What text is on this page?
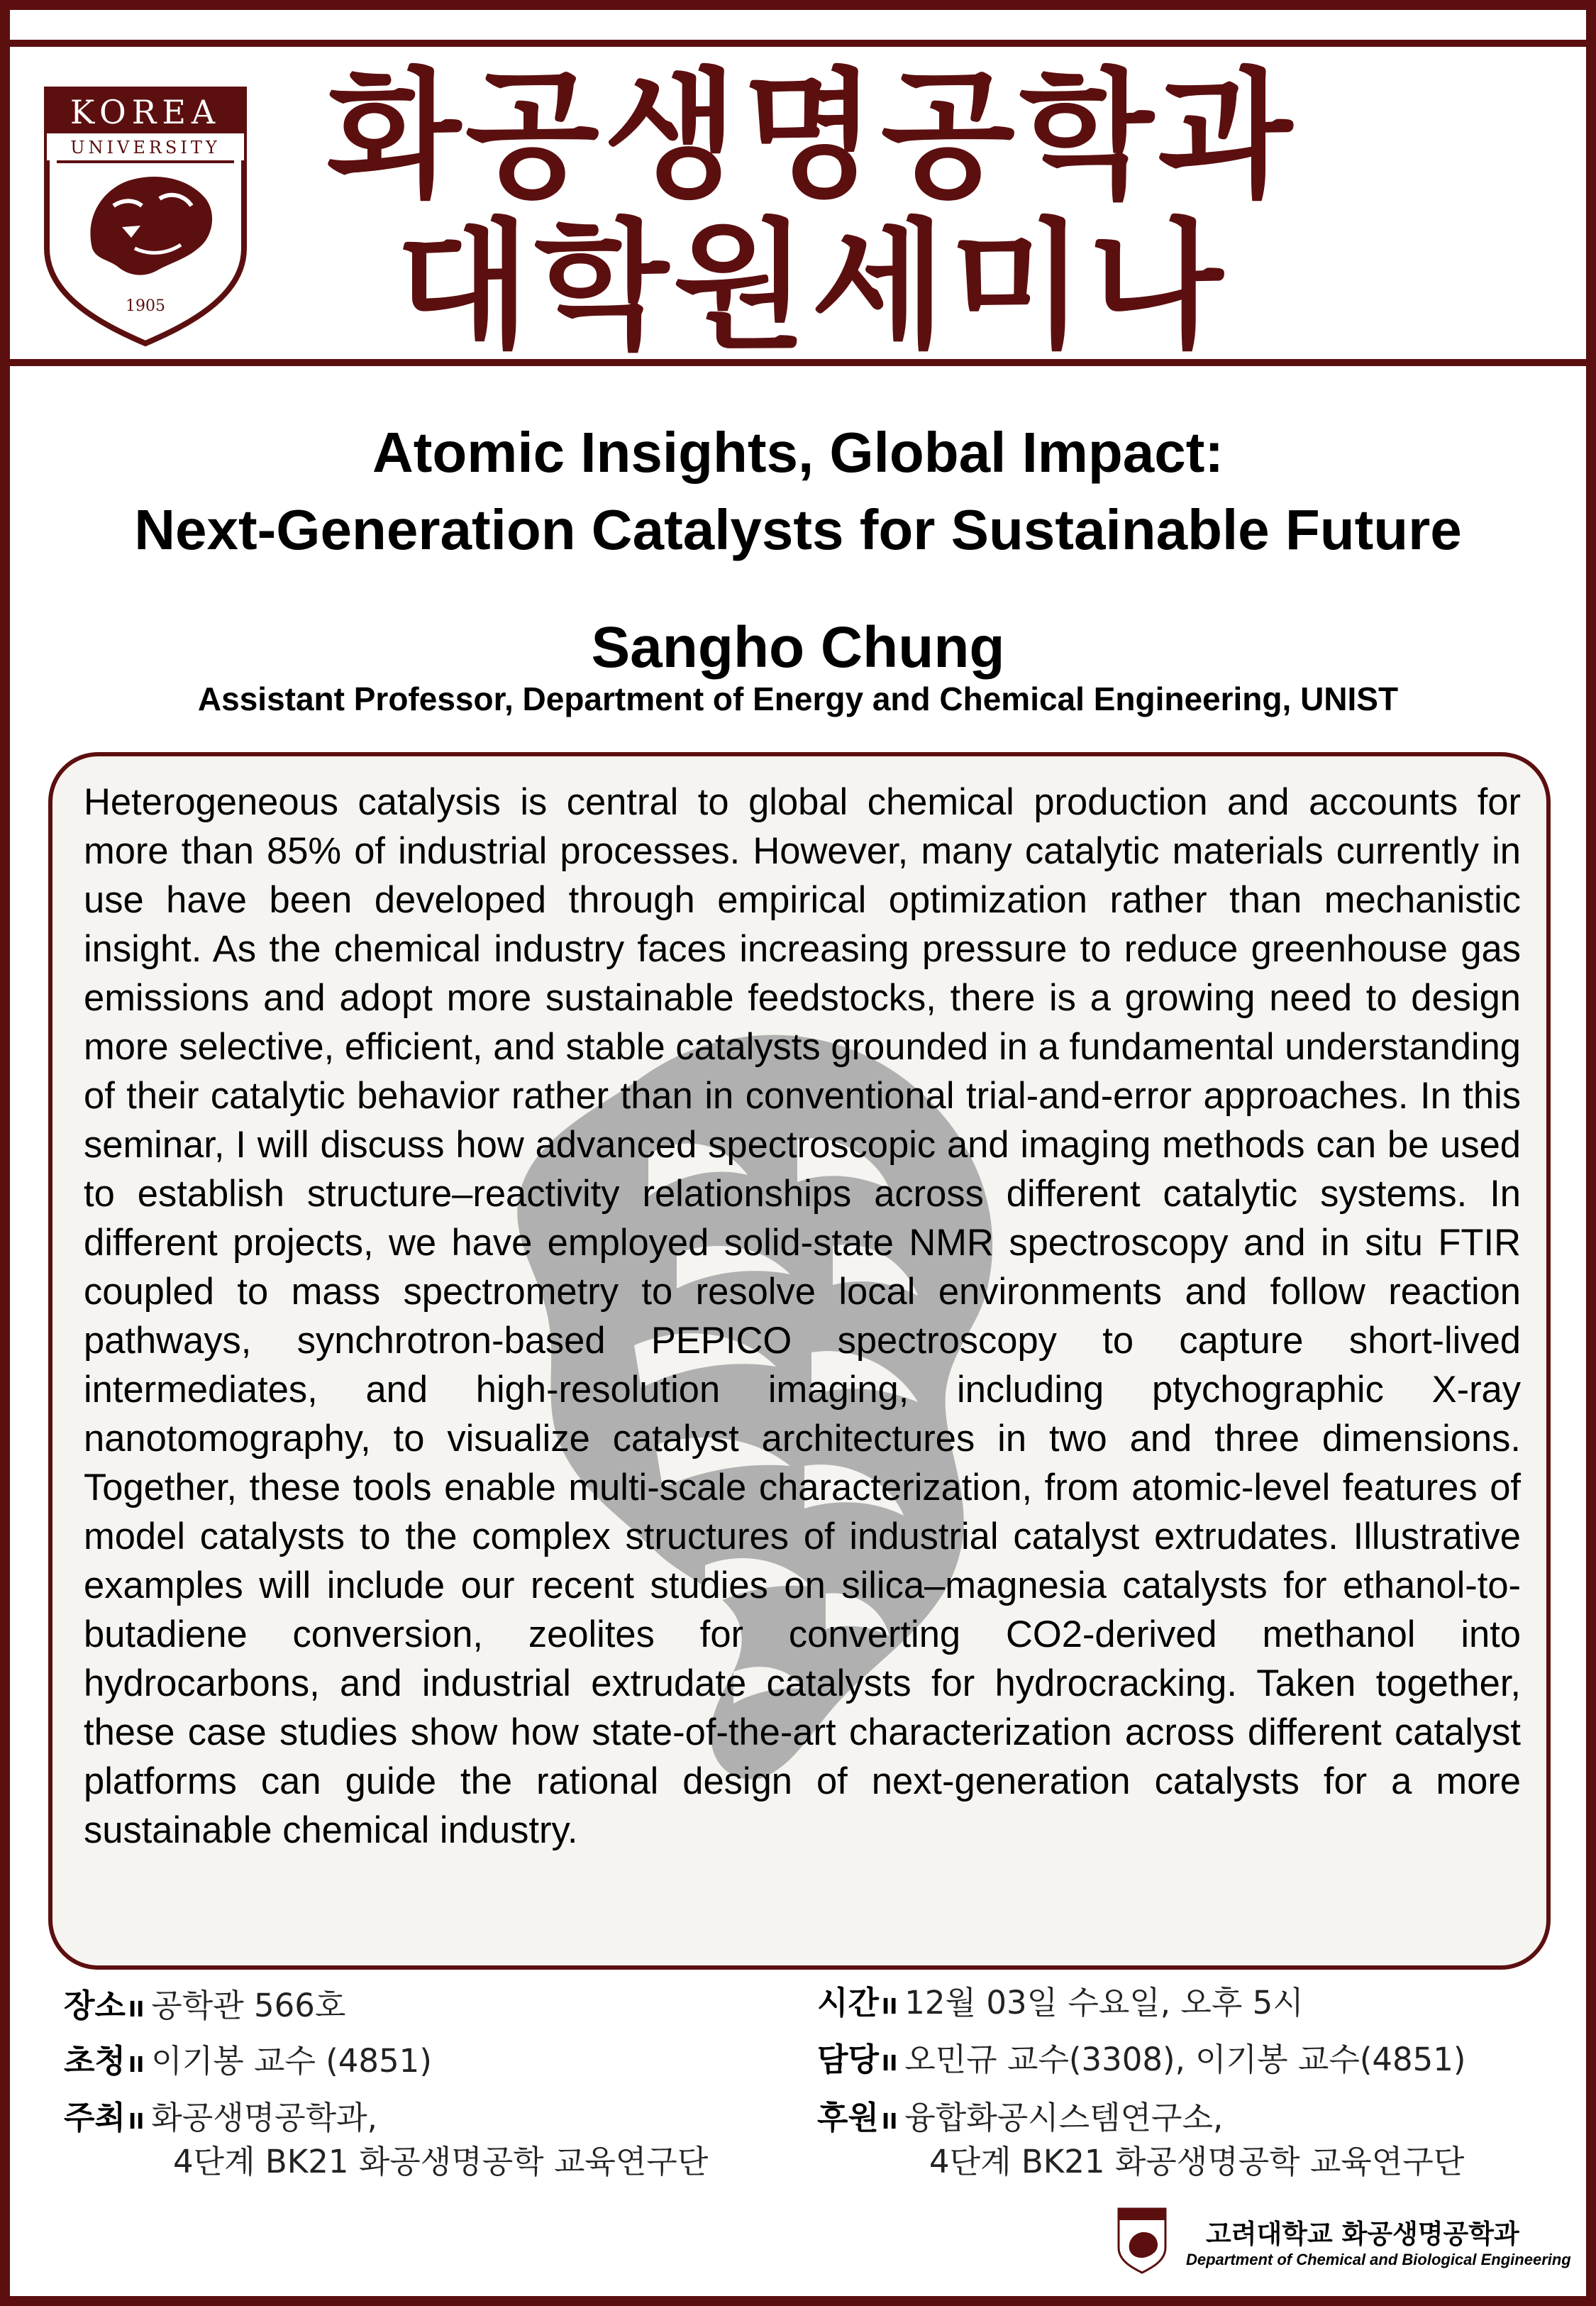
KOREA
UNIVERSITY
1905
화공생명공학과
대학원세미나
Atomic Insights, Global Impact:
Next-Generation Catalysts for Sustainable Future
Sangho Chung
Assistant Professor, Department of Energy and Chemical Engineering, UNIST
Heterogeneous catalysis is central to global chemical production and accounts for more than 85% of industrial processes. However, many catalytic materials currently in use have been developed through empirical optimization rather than mechanistic insight. As the chemical industry faces increasing pressure to reduce greenhouse gas emissions and adopt more sustainable feedstocks, there is a growing need to design more selective, efficient, and stable catalysts grounded in a fundamental understanding of their catalytic behavior rather than in conventional trial-and-error approaches. In this seminar, I will discuss how advanced spectroscopic and imaging methods can be used to establish structure–reactivity relationships across different catalytic systems. In different projects, we have employed solid-state NMR spectroscopy and in situ FTIR coupled to mass spectrometry to resolve local environments and follow reaction pathways, synchrotron-based PEPICO spectroscopy to capture short-lived intermediates, and high-resolution imaging, including ptychographic X-ray nanotomography, to visualize catalyst architectures in two and three dimensions. Together, these tools enable multi-scale characterization, from atomic-level features of model catalysts to the complex structures of industrial catalyst extrudates. Illustrative examples will include our recent studies on silica–magnesia catalysts for ethanol-to-butadiene conversion, zeolites for converting CO2-derived methanol into hydrocarbons, and industrial extrudate catalysts for hydrocracking. Taken together, these case studies show how state-of-the-art characterization across different catalyst platforms can guide the rational design of next-generation catalysts for a more sustainable chemical industry.
장소 II 공학관 566호
초청 II 이기봉 교수 (4851)
주최 II 화공생명공학과,
4단계 BK21 화공생명공학 교육연구단
시간 II 12월 03일 수요일, 오후 5시
담당 II 오민규 교수(3308), 이기봉 교수(4851)
후원 II 융합화공시스템연구소,
4단계 BK21 화공생명공학 교육연구단
고려대학교 화공생명공학과
Department of Chemical and Biological Engineering
